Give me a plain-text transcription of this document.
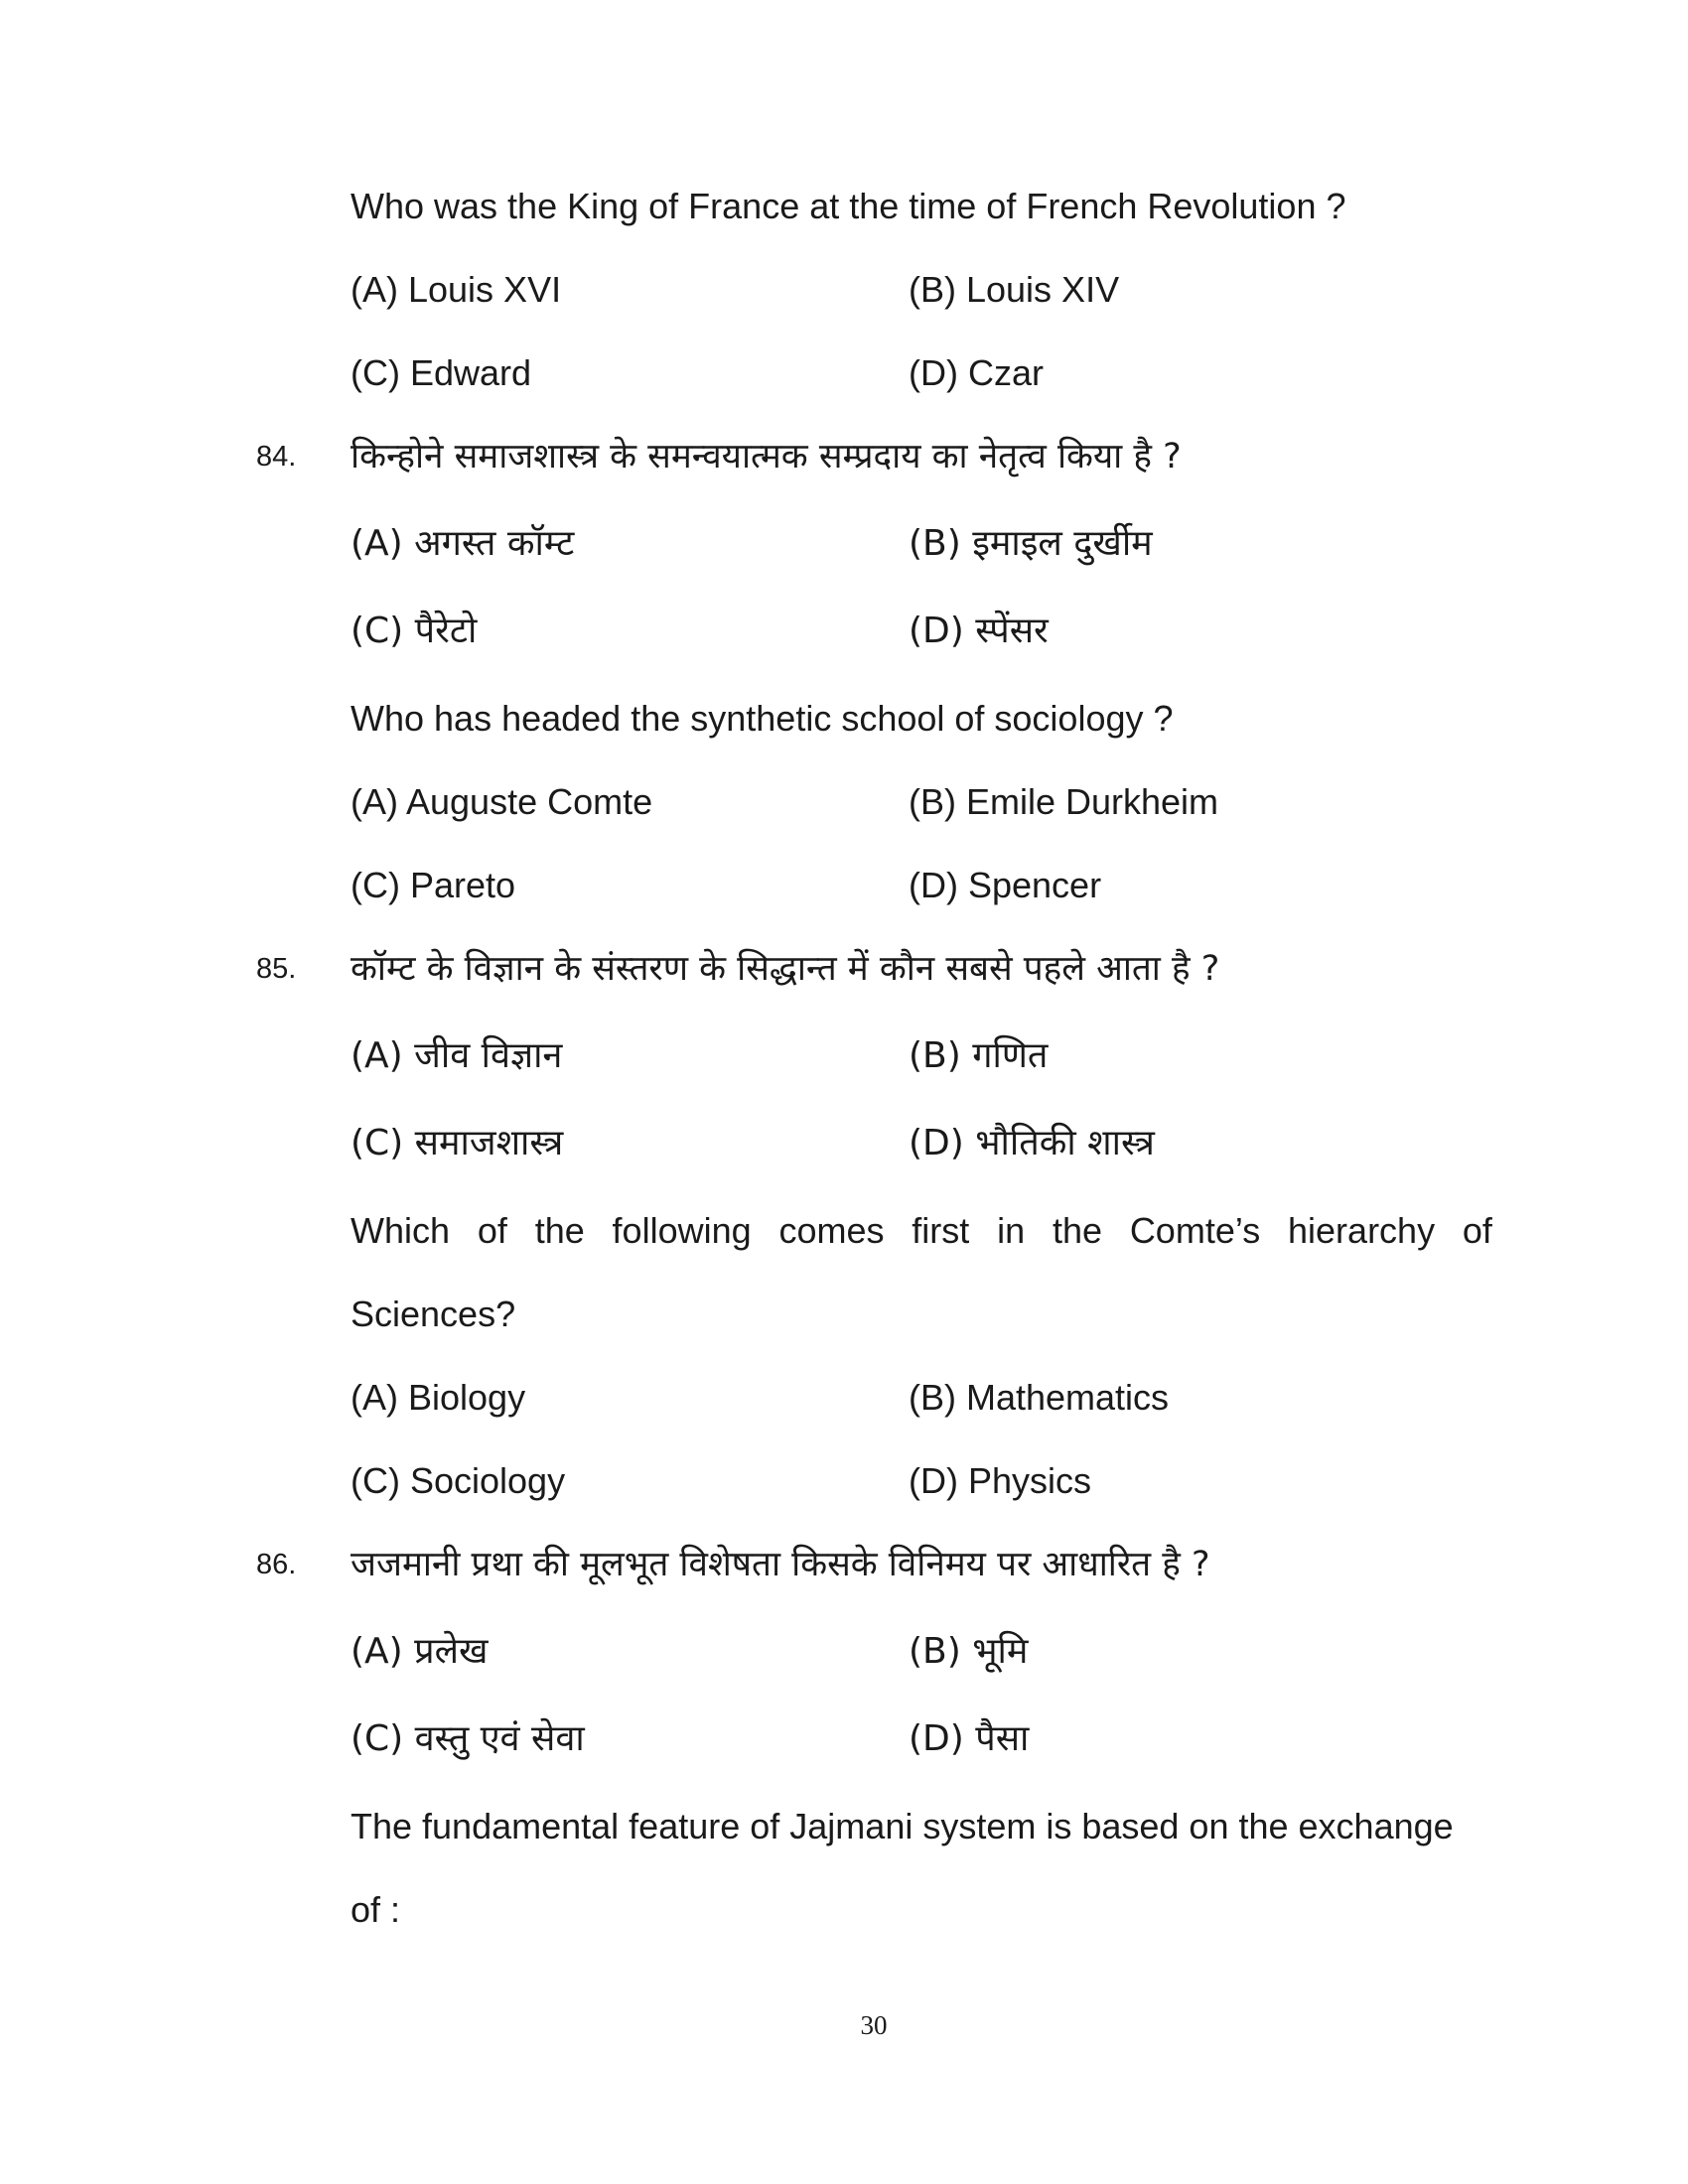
Who was the King of France at the time of French Revolution ?
(A) Louis XVI	(B) Louis XIV
(C) Edward	(D) Czar
84. किन्होने समाजशास्त्र के समन्वयात्मक सम्प्रदाय का नेतृत्व किया है ?
(A) अगस्त कॉम्ट	(B) इमाइल दुर्खीम
(C) पैरेटो	(D) स्पेंसर
Who has headed the synthetic school of sociology ?
(A) Auguste Comte	(B) Emile Durkheim
(C) Pareto	(D) Spencer
85. कॉम्ट के विज्ञान के संस्तरण के सिद्धान्त में कौन सबसे पहले आता है ?
(A) जीव विज्ञान	(B) गणित
(C) समाजशास्त्र	(D) भौतिकी शास्त्र
Which of the following comes first in the Comte’s hierarchy of
Sciences?
(A) Biology	(B) Mathematics
(C) Sociology	(D) Physics
86. जजमानी प्रथा की मूलभूत विशेषता किसके विनिमय पर आधारित है ?
(A) प्रलेख	(B) भूमि
(C) वस्तु एवं सेवा	(D) पैसा
The fundamental feature of Jajmani system is based on the exchange
of :
30
